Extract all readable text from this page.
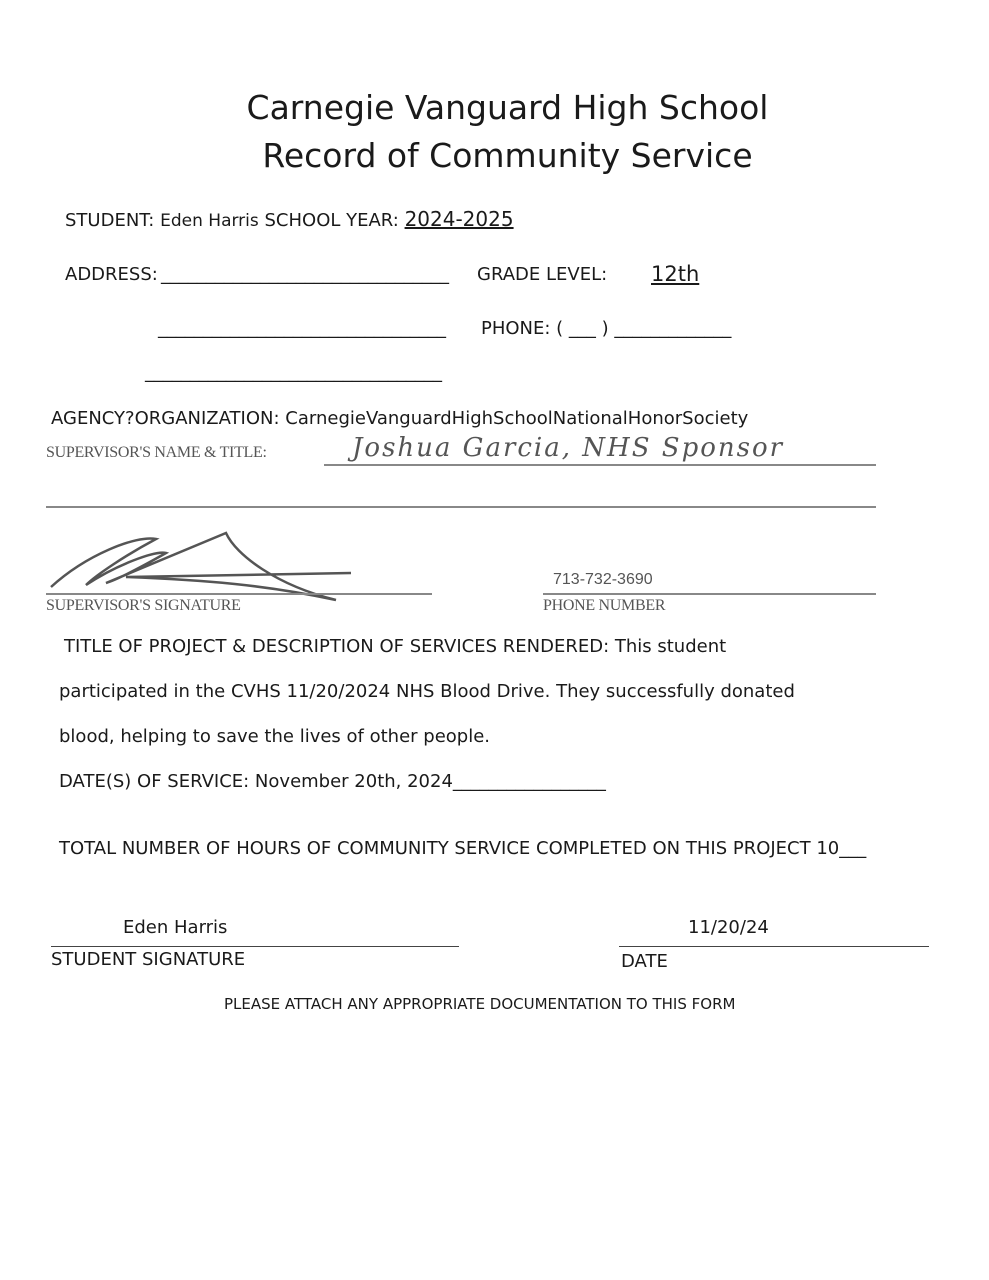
Carnegie Vanguard High School
Record of Community Service
STUDENT: Eden Harris SCHOOL YEAR: 2024-2025
ADDRESS: ________________________________ GRADE LEVEL: 12th
________________________________ PHONE: ( ___ ) _____________
_________________________________
AGENCY?ORGANIZATION: CarnegieVanguardHighSchoolNationalHonorSociety
SUPERVISOR'S NAME & TITLE:	Joshua Garcia, NHS Sponsor
SUPERVISOR'S SIGNATURE
713-732-3690
PHONE NUMBER
TITLE OF PROJECT & DESCRIPTION OF SERVICES RENDERED: This student
participated in the CVHS 11/20/2024 NHS Blood Drive. They successfully donated
blood, helping to save the lives of other people.
DATE(S) OF SERVICE: November 20th, 2024_________________
TOTAL NUMBER OF HOURS OF COMMUNITY SERVICE COMPLETED ON THIS PROJECT 10___
Eden Harris
STUDENT SIGNATURE
11/20/24
DATE
PLEASE ATTACH ANY APPROPRIATE DOCUMENTATION TO THIS FORM
